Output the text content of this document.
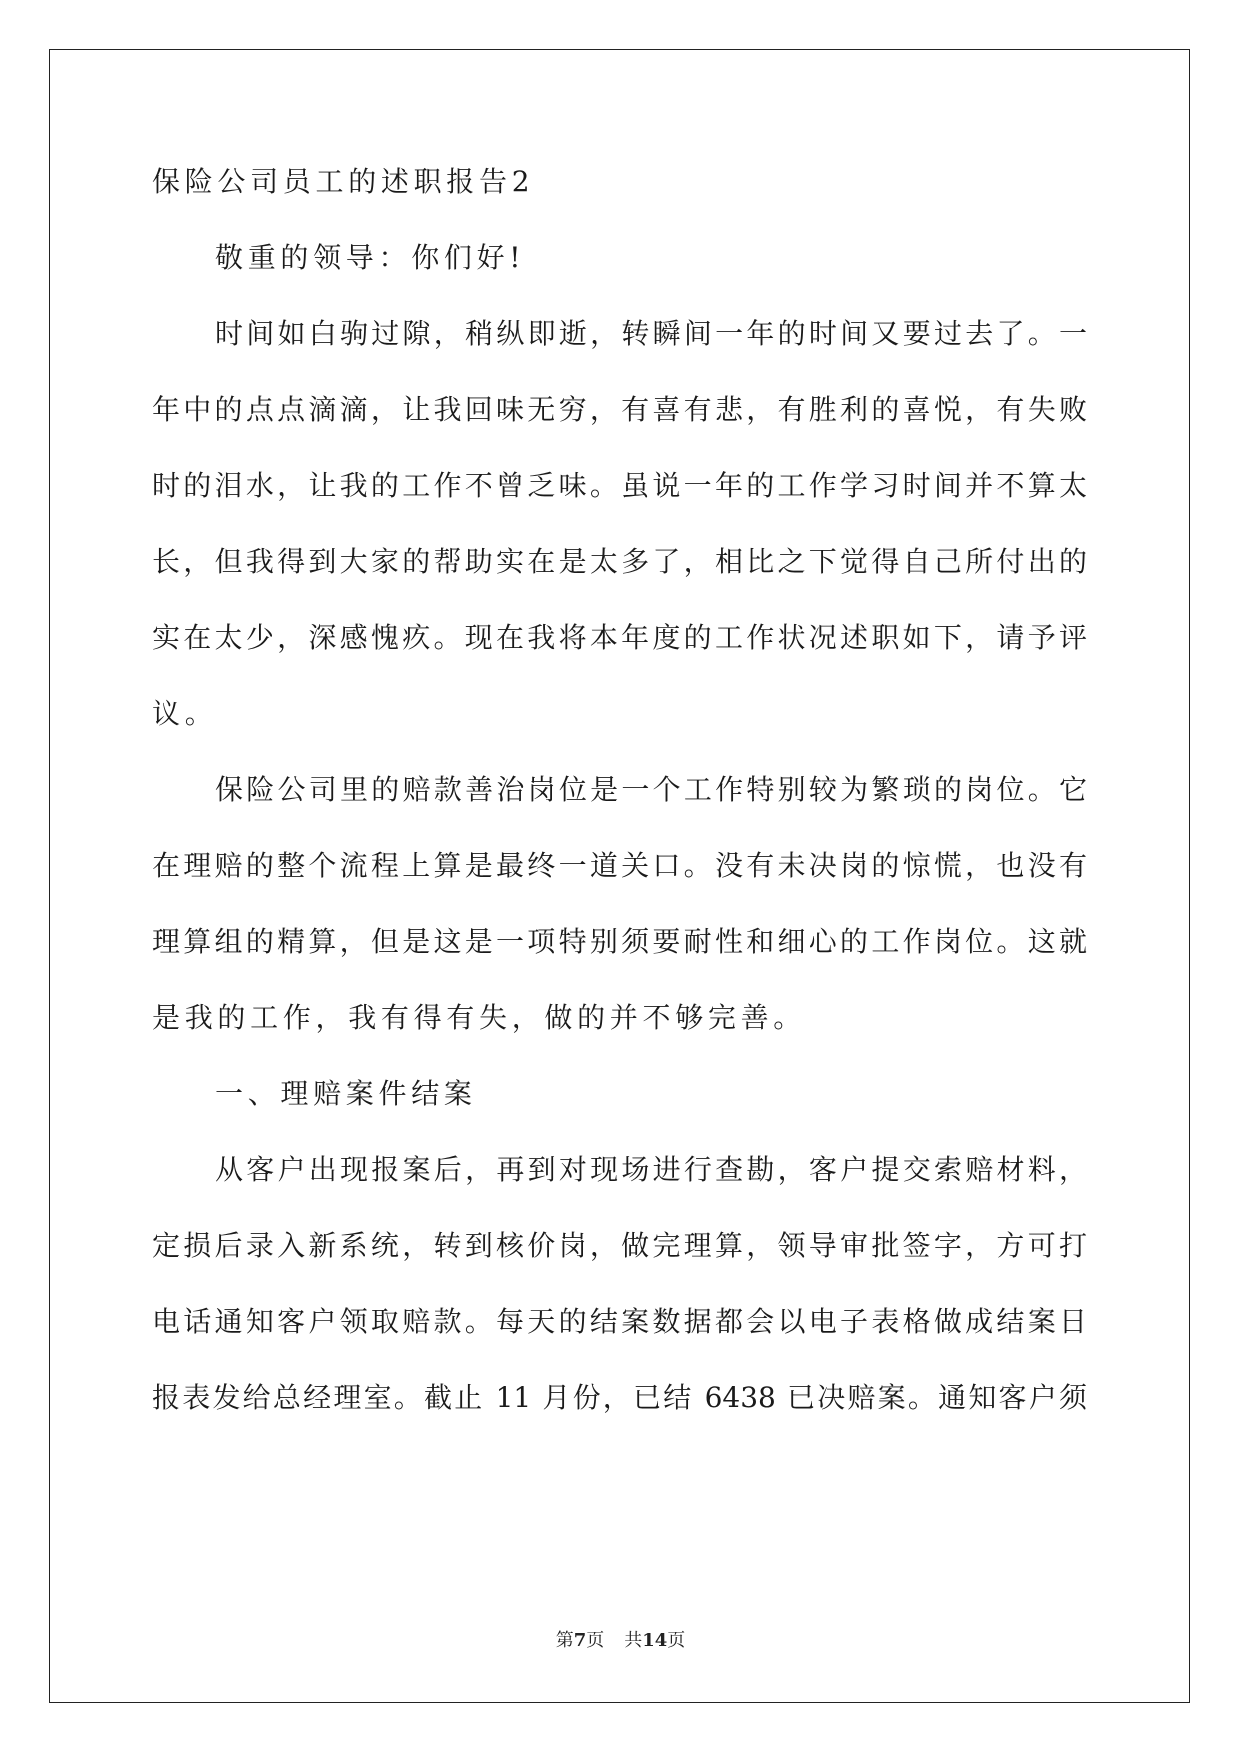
保险公司员工的述职报告2
敬重的领导：你们好!
时间如白驹过隙，稍纵即逝，转瞬间一年的时间又要过去了。一
年中的点点滴滴，让我回味无穷，有喜有悲，有胜利的喜悦，有失败
时的泪水，让我的工作不曾乏味。虽说一年的工作学习时间并不算太
长，但我得到大家的帮助实在是太多了，相比之下觉得自己所付出的
实在太少，深感愧疚。现在我将本年度的工作状况述职如下，请予评
议。
保险公司里的赔款善治岗位是一个工作特别较为繁琐的岗位。它
在理赔的整个流程上算是最终一道关口。没有未决岗的惊慌，也没有
理算组的精算，但是这是一项特别须要耐性和细心的工作岗位。这就
是我的工作，我有得有失，做的并不够完善。
一、理赔案件结案
从客户出现报案后，再到对现场进行查勘，客户提交索赔材料，
定损后录入新系统，转到核价岗，做完理算，领导审批签字，方可打
电话通知客户领取赔款。每天的结案数据都会以电子表格做成结案日
报表发给总经理室。截止 11 月份，已结 6438 已决赔案。通知客户须
第7页 共14页
